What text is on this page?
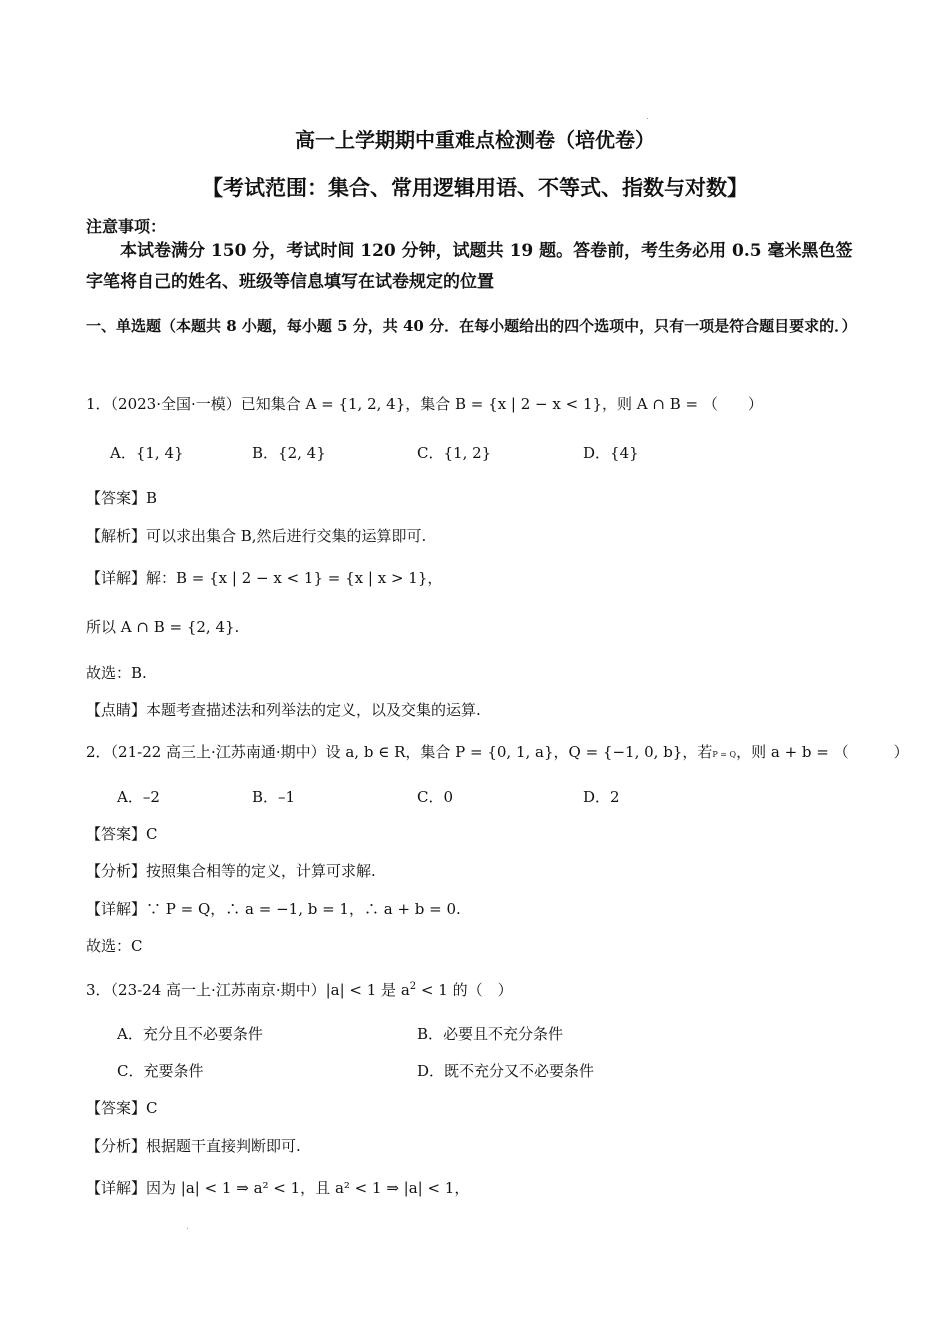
高一上学期期中重难点检测卷（培优卷）
【考试范围：集合、常用逻辑用语、不等式、指数与对数】
注意事项：
本试卷满分 150 分，考试时间 120 分钟，试题共 19 题。答卷前，考生务必用 0.5 毫米黑色签字笔将自己的姓名、班级等信息填写在试卷规定的位置
一、单选题（本题共 8 小题，每小题 5 分，共 40 分．在每小题给出的四个选项中，只有一项是符合题目要求的．）
1．（2023·全国·一模）已知集合 A = {1, 2, 4}，集合 B = {x | 2 − x < 1}，则 A ∩ B = （　　）
A．{1, 4}	B．{2, 4}	C．{1, 2}	D．{4}
【答案】B
【解析】可以求出集合 B,然后进行交集的运算即可.
【详解】解：B = {x | 2 − x < 1} = {x | x > 1}，
所以 A ∩ B = {2, 4}.
故选：B.
【点睛】本题考查描述法和列举法的定义，以及交集的运算.
2．（21-22 高三上·江苏南通·期中）设 a, b ∈ R，集合 P = {0, 1, a}，Q = {−1, 0, b}，若P = Q，则 a + b = （　　　）
A．–2	B．–1	C．0	D．2
【答案】C
【分析】按照集合相等的定义，计算可求解.
【详解】∵ P = Q，∴ a = −1, b = 1，∴ a + b = 0.
故选：C
3．（23-24 高一上·江苏南京·期中）|a| < 1 是 $a^2 < 1$ 的（　）
A．充分且不必要条件	B．必要且不充分条件
C．充要条件	D．既不充分又不必要条件
【答案】C
【分析】根据题干直接判断即可.
【详解】因为 |a| < 1 ⇒ a² < 1，且 a² < 1 ⇒ |a| < 1，
